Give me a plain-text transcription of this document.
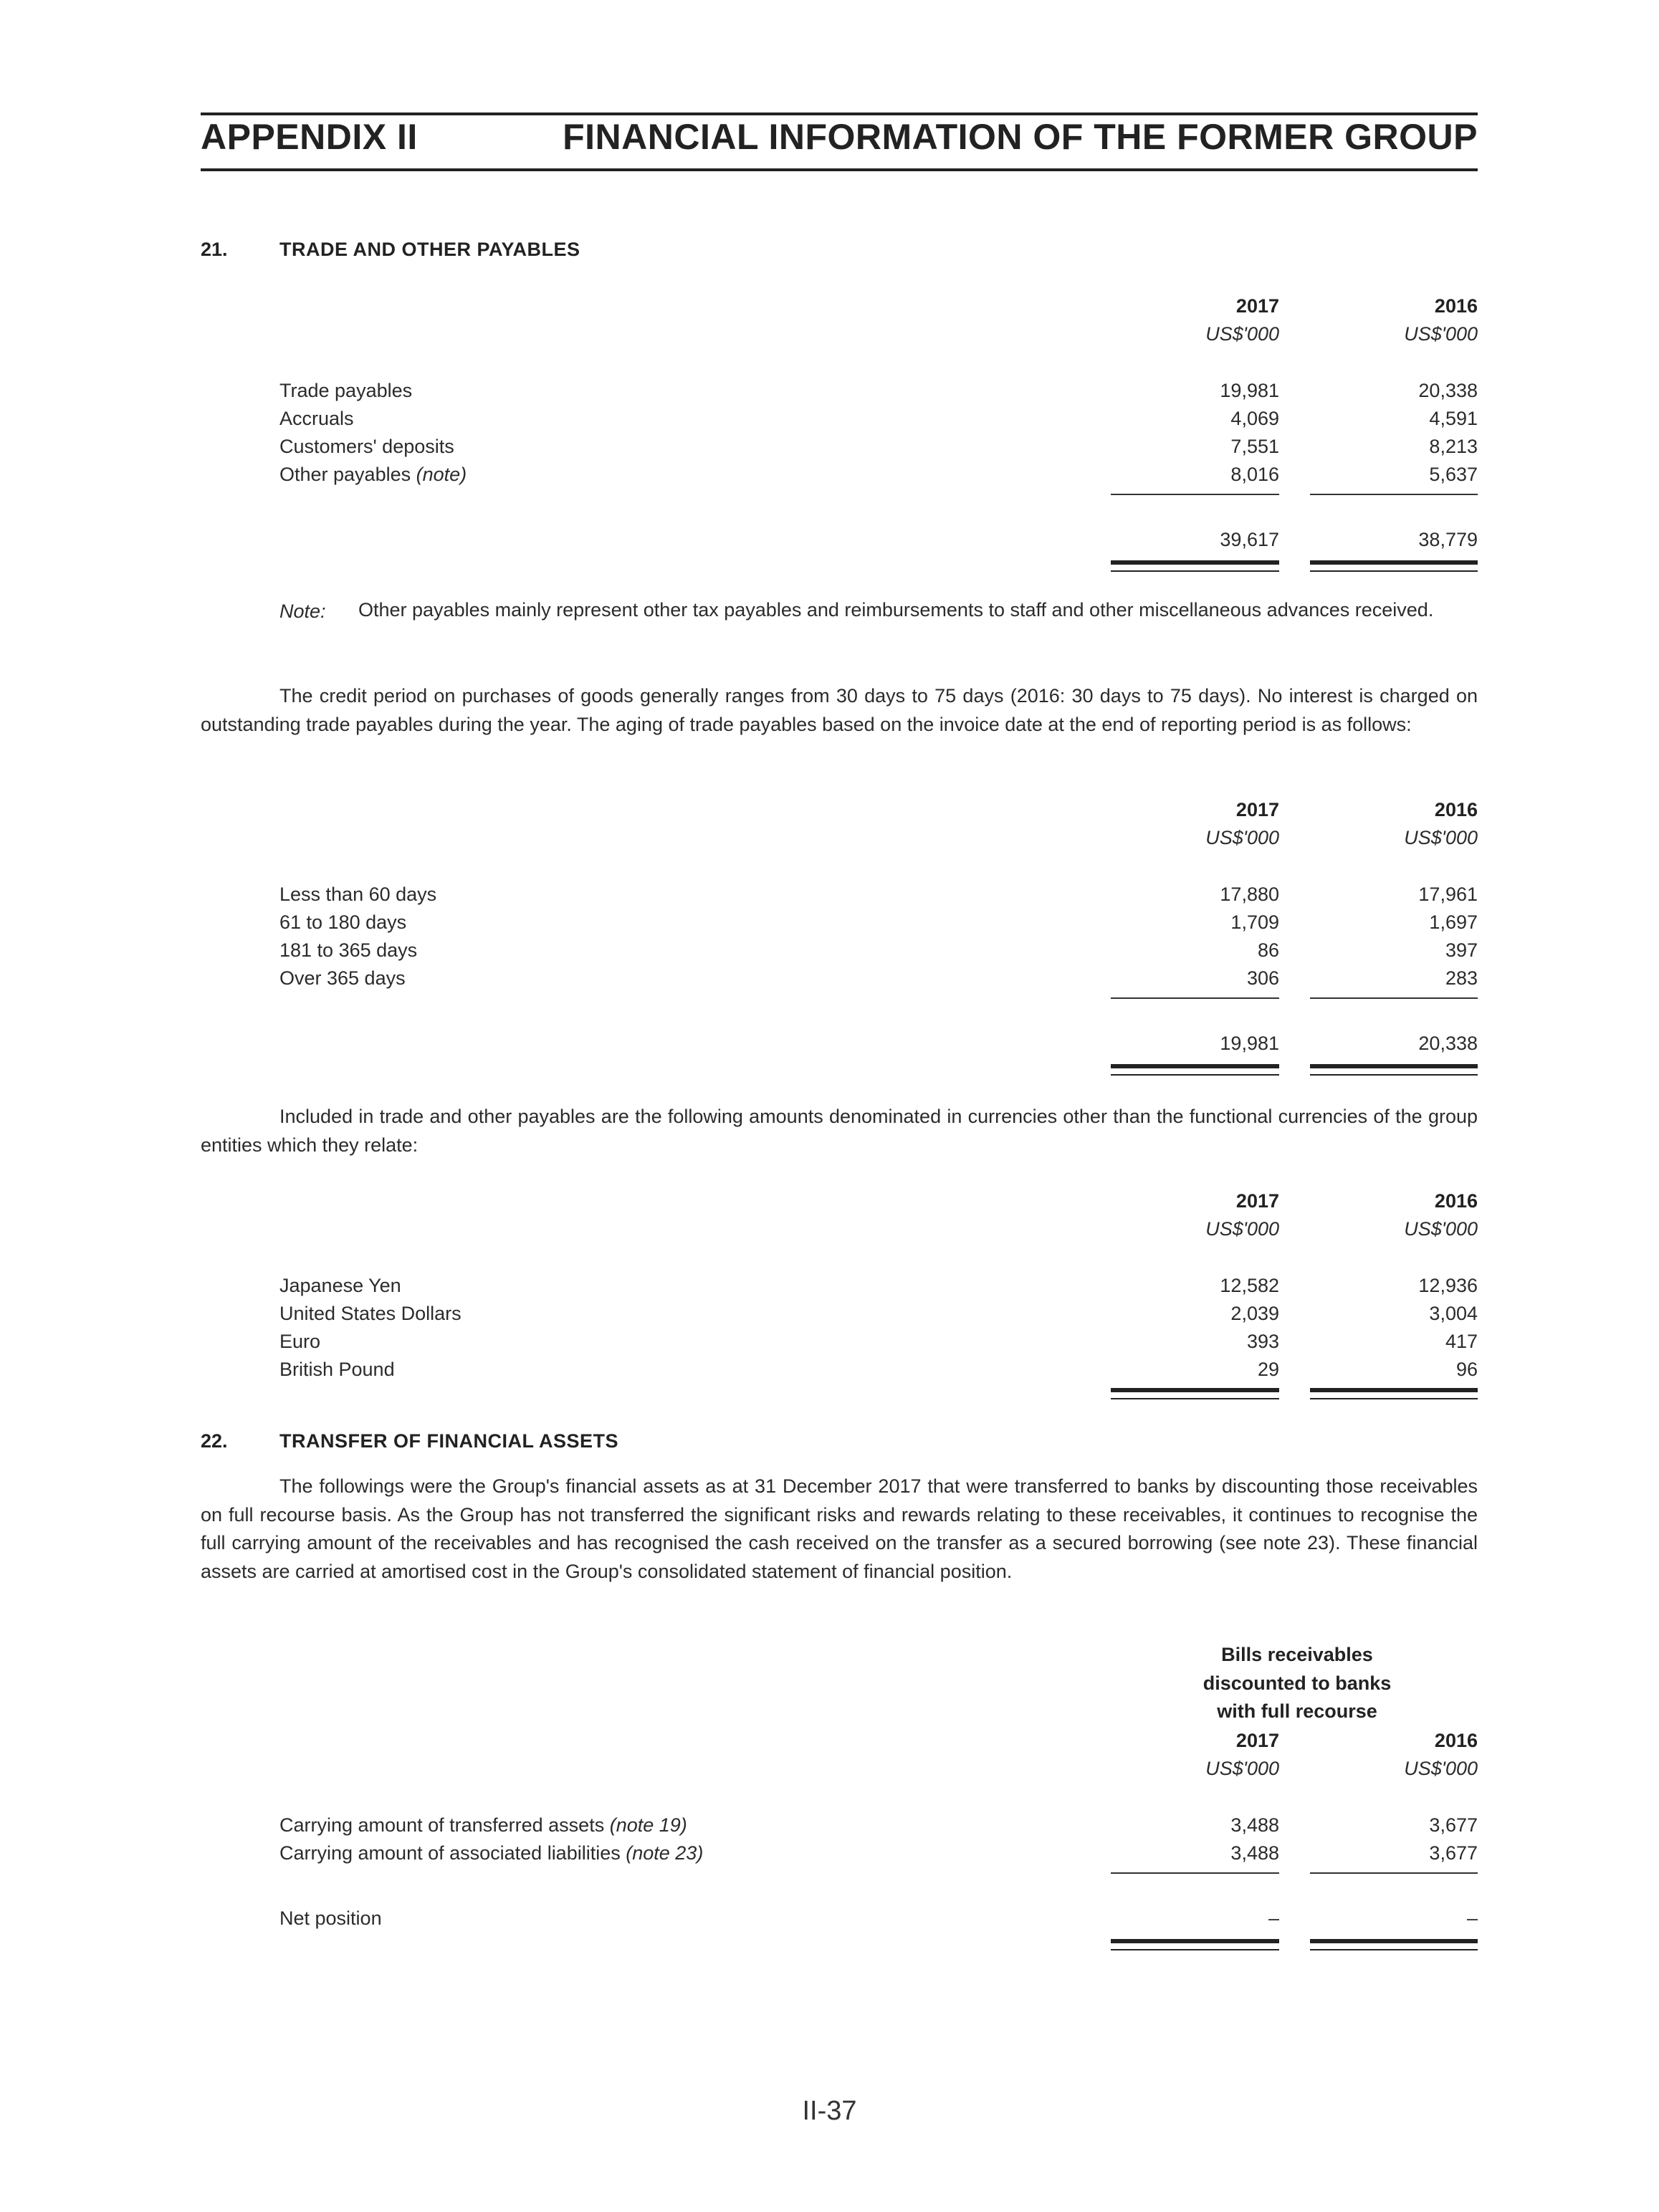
APPENDIX II	FINANCIAL INFORMATION OF THE FORMER GROUP
21.	TRADE AND OTHER PAYABLES
2017	2016
US$'000	US$'000
Trade payables	19,981	20,338
Accruals	4,069	4,591
Customers' deposits	7,551	8,213
Other payables (note)	8,016	5,637
39,617	38,779
Note: Other payables mainly represent other tax payables and reimbursements to staff and other miscellaneous advances received.
The credit period on purchases of goods generally ranges from 30 days to 75 days (2016: 30 days to 75 days). No interest is charged on outstanding trade payables during the year. The aging of trade payables based on the invoice date at the end of reporting period is as follows:
2017	2016
US$'000	US$'000
Less than 60 days	17,880	17,961
61 to 180 days	1,709	1,697
181 to 365 days	86	397
Over 365 days	306	283
19,981	20,338
Included in trade and other payables are the following amounts denominated in currencies other than the functional currencies of the group entities which they relate:
2017	2016
US$'000	US$'000
Japanese Yen	12,582	12,936
United States Dollars	2,039	3,004
Euro	393	417
British Pound	29	96
22.	TRANSFER OF FINANCIAL ASSETS
The followings were the Group's financial assets as at 31 December 2017 that were transferred to banks by discounting those receivables on full recourse basis. As the Group has not transferred the significant risks and rewards relating to these receivables, it continues to recognise the full carrying amount of the receivables and has recognised the cash received on the transfer as a secured borrowing (see note 23). These financial assets are carried at amortised cost in the Group's consolidated statement of financial position.
Bills receivables
discounted to banks
with full recourse
2017	2016
US$'000	US$'000
Carrying amount of transferred assets (note 19)	3,488	3,677
Carrying amount of associated liabilities (note 23)	3,488	3,677
Net position	–	–
II-37
